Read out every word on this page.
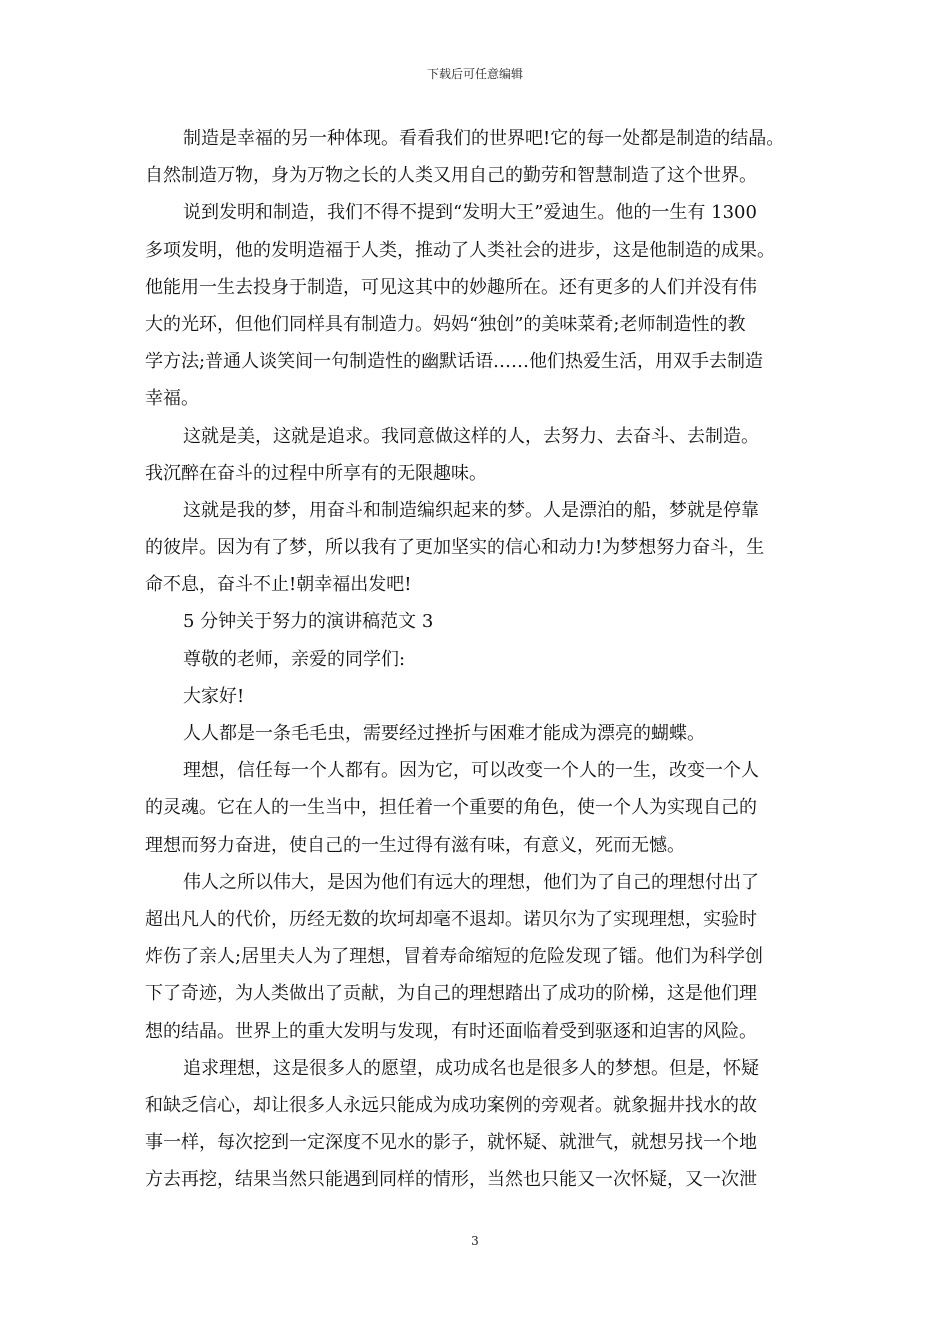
下载后可任意编辑
制造是幸福的另一种体现。看看我们的世界吧!它的每一处都是制造的结晶。
自然制造万物，身为万物之长的人类又用自己的勤劳和智慧制造了这个世界。
说到发明和制造，我们不得不提到“发明大王”爱迪生。他的一生有 1300
多项发明，他的发明造福于人类，推动了人类社会的进步，这是他制造的成果。
他能用一生去投身于制造，可见这其中的妙趣所在。还有更多的人们并没有伟
大的光环，但他们同样具有制造力。妈妈“独创”的美味菜肴;老师制造性的教
学方法;普通人谈笑间一句制造性的幽默话语……他们热爱生活，用双手去制造
幸福。
这就是美，这就是追求。我同意做这样的人，去努力、去奋斗、去制造。
我沉醉在奋斗的过程中所享有的无限趣味。
这就是我的梦，用奋斗和制造编织起来的梦。人是漂泊的船，梦就是停靠
的彼岸。因为有了梦，所以我有了更加坚实的信心和动力!为梦想努力奋斗，生
命不息，奋斗不止!朝幸福出发吧!
5 分钟关于努力的演讲稿范文 3
尊敬的老师，亲爱的同学们:
大家好!
人人都是一条毛毛虫，需要经过挫折与困难才能成为漂亮的蝴蝶。
理想，信任每一个人都有。因为它，可以改变一个人的一生，改变一个人
的灵魂。它在人的一生当中，担任着一个重要的角色，使一个人为实现自己的
理想而努力奋进，使自己的一生过得有滋有味，有意义，死而无憾。
伟人之所以伟大，是因为他们有远大的理想，他们为了自己的理想付出了
超出凡人的代价，历经无数的坎坷却毫不退却。诺贝尔为了实现理想，实验时
炸伤了亲人;居里夫人为了理想，冒着寿命缩短的危险发现了镭。他们为科学创
下了奇迹，为人类做出了贡献，为自己的理想踏出了成功的阶梯，这是他们理
想的结晶。世界上的重大发明与发现，有时还面临着受到驱逐和迫害的风险。
追求理想，这是很多人的愿望，成功成名也是很多人的梦想。但是，怀疑
和缺乏信心，却让很多人永远只能成为成功案例的旁观者。就象掘井找水的故
事一样，每次挖到一定深度不见水的影子，就怀疑、就泄气，就想另找一个地
方去再挖，结果当然只能遇到同样的情形，当然也只能又一次怀疑，又一次泄
3
